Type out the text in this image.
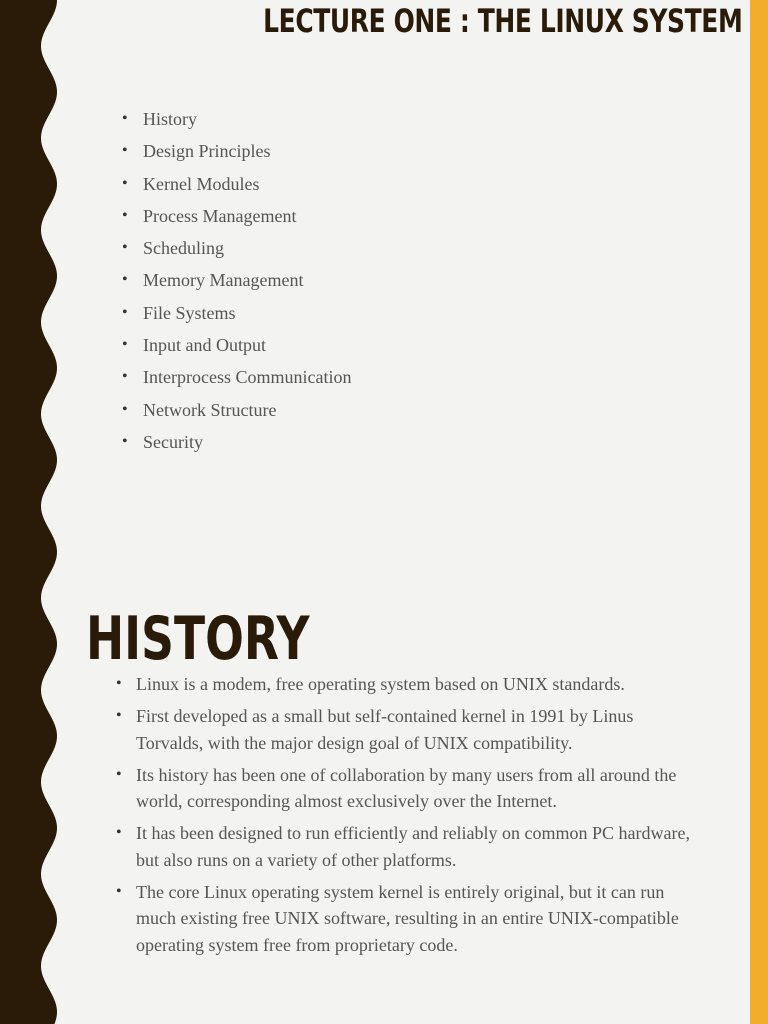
LECTURE ONE : THE LINUX SYSTEM
• History
• Design Principles
• Kernel Modules
• Process Management
• Scheduling
• Memory Management
• File Systems
• Input and Output
• Interprocess Communication
• Network Structure
• Security
HISTORY
• Linux is a modem, free operating system based on UNIX standards.
• First developed as a small but self-contained kernel in 1991 by Linus Torvalds, with the major design goal of UNIX compatibility.
• Its history has been one of collaboration by many users from all around the world, corresponding almost exclusively over the Internet.
• It has been designed to run efficiently and reliably on common PC hardware, but also runs on a variety of other platforms.
• The core Linux operating system kernel is entirely original, but it can run much existing free UNIX software, resulting in an entire UNIX-compatible operating system free from proprietary code.
